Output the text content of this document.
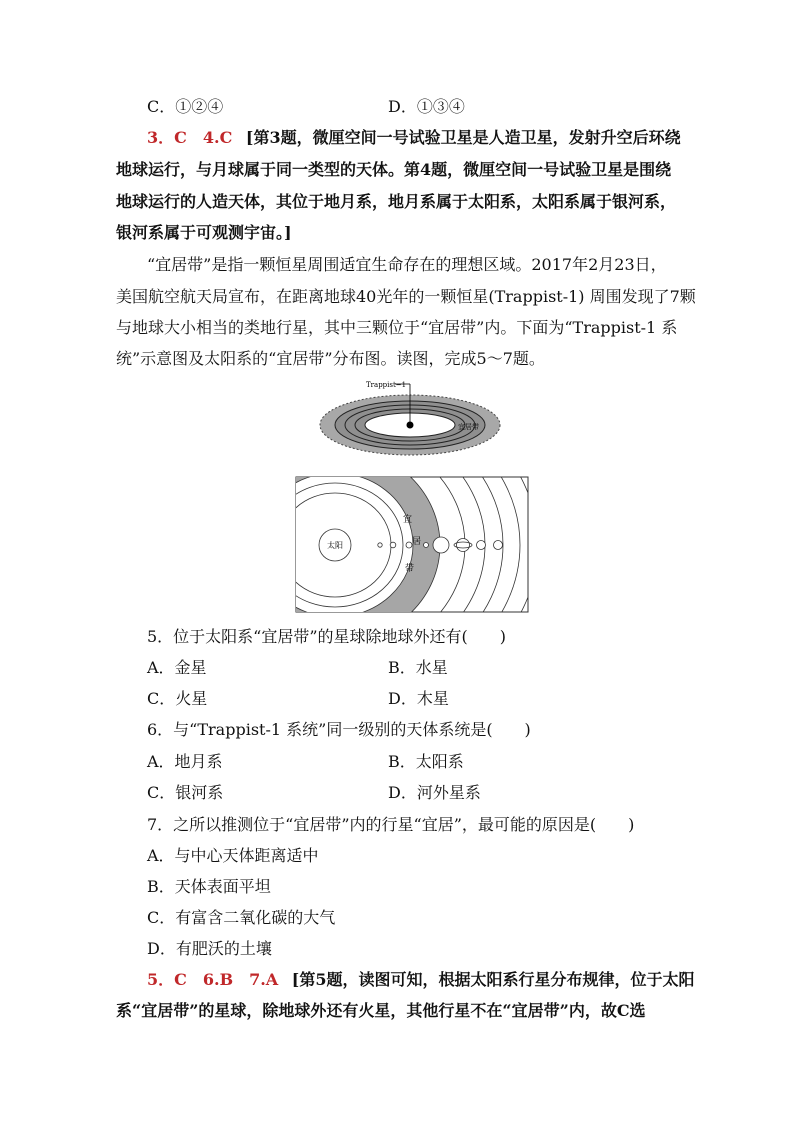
C．①②④	D．①③④
3．C　4.C [第3题，微厘空间一号试验卫星是人造卫星，发射升空后环绕
地球运行，与月球属于同一类型的天体。第4题，微厘空间一号试验卫星是围绕
地球运行的人造天体，其位于地月系，地月系属于太阳系，太阳系属于银河系，
银河系属于可观测宇宙。]
“宜居带”是指一颗恒星周围适宜生命存在的理想区域。2017年2月23日，
美国航空航天局宣布，在距离地球40光年的一颗恒星(Trappist-1) 周围发现了7颗
与地球大小相当的类地行星，其中三颗位于“宜居带”内。下面为“Trappist-1 系
统”示意图及太阳系的“宜居带”分布图。读图，完成5～7题。
Trappist−1
宜居带
太阳
宜
居
带
5．位于太阳系“宜居带”的星球除地球外还有(　　)
A．金星	B．水星
C．火星	D．木星
6．与“Trappist-1 系统”同一级别的天体系统是(　　)
A．地月系	B．太阳系
C．银河系	D．河外星系
7．之所以推测位于“宜居带”内的行星“宜居”，最可能的原因是(　　)
A．与中心天体距离适中
B．天体表面平坦
C．有富含二氧化碳的大气
D．有肥沃的土壤
5．C　6.B　7.A [第5题，读图可知，根据太阳系行星分布规律，位于太阳
系“宜居带”的星球，除地球外还有火星，其他行星不在“宜居带”内，故C选
